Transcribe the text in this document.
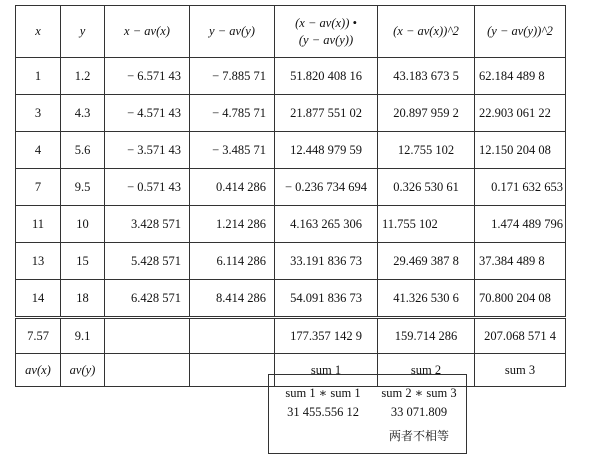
x	y	x − av(x)	y − av(y)	(x − av(x)) •
(y − av(y))	(x − av(x))^2	(y − av(y))^2
1	1.2	− 6.571 43	− 7.885 71	51.820 408 16	43.183 673 5	62.184 489 8
3	4.3	− 4.571 43	− 4.785 71	21.877 551 02	20.897 959 2	22.903 061 22
4	5.6	− 3.571 43	− 3.485 71	12.448 979 59	12.755 102	12.150 204 08
7	9.5	− 0.571 43	0.414 286	− 0.236 734 694	0.326 530 61	0.171 632 653
11	10	3.428 571	1.214 286	4.163 265 306	11.755 102	1.474 489 796
13	15	5.428 571	6.114 286	33.191 836 73	29.469 387 8	37.384 489 8
14	18	6.428 571	8.414 286	54.091 836 73	41.326 530 6	70.800 204 08
7.57	9.1			177.357 142 9	159.714 286	207.068 571 4
av(x)	av(y)			sum 1	sum 2	sum 3
sum 1 ∗ sum 1
31 455.556 12
sum 2 ∗ sum 3
33 071.809
两者不相等
